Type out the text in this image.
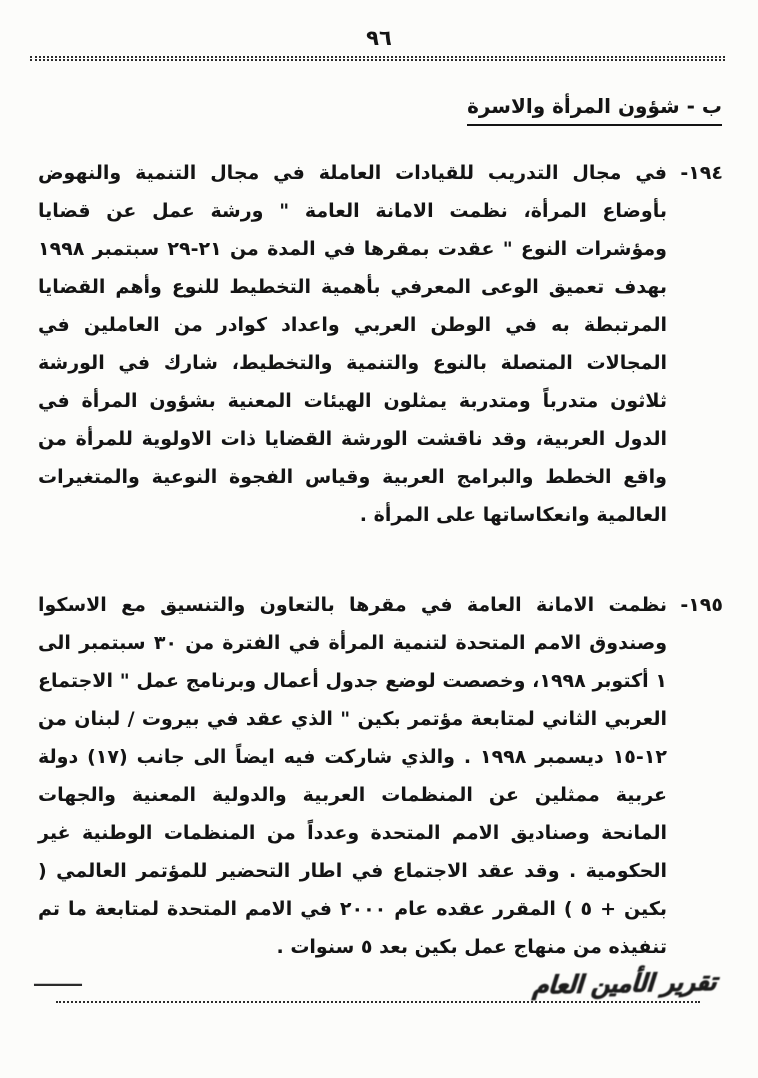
٩٦
ب - شؤون المرأة والاسرة
١٩٤-
في مجال التدريب للقيادات العاملة في مجال التنمية والنهوض بأوضاع المرأة، نظمت الامانة العامة " ورشة عمل عن قضايا ومؤشرات النوع " عقدت بمقرها في المدة من ٢١-٢٩ سبتمبر ١٩٩٨ بهدف تعميق الوعى المعرفي بأهمية التخطيط للنوع وأهم القضايا المرتبطة به في الوطن العربي واعداد كوادر من العاملين في المجالات المتصلة بالنوع والتنمية والتخطيط، شارك في الورشة ثلاثون متدرباً ومتدربة يمثلون الهيئات المعنية بشؤون المرأة في الدول العربية، وقد ناقشت الورشة القضايا ذات الاولوية للمرأة من واقع الخطط والبرامج العربية وقياس الفجوة النوعية والمتغيرات العالمية وانعكاساتها على المرأة .
١٩٥-
نظمت الامانة العامة في مقرها بالتعاون والتنسيق مع الاسكوا وصندوق الامم المتحدة لتنمية المرأة في الفترة من ٣٠ سبتمبر الى ١ أكتوبر ١٩٩٨، وخصصت لوضع جدول أعمال وبرنامج عمل " الاجتماع العربي الثاني لمتابعة مؤتمر بكين " الذي عقد في بيروت / لبنان من ١٢-١٥ ديسمبر ١٩٩٨ . والذي شاركت فيه ايضاً الى جانب (١٧) دولة عربية ممثلين عن المنظمات العربية والدولية المعنية والجهات المانحة وصناديق الامم المتحدة وعدداً من المنظمات الوطنية غير الحكومية . وقد عقد الاجتماع في اطار التحضير للمؤتمر العالمي ( بكين + ٥ ) المقرر عقده عام ٢٠٠٠ في الامم المتحدة لمتابعة ما تم تنفيذه من منهاج عمل بكين بعد ٥ سنوات .
———	تقرير الأمين العام
